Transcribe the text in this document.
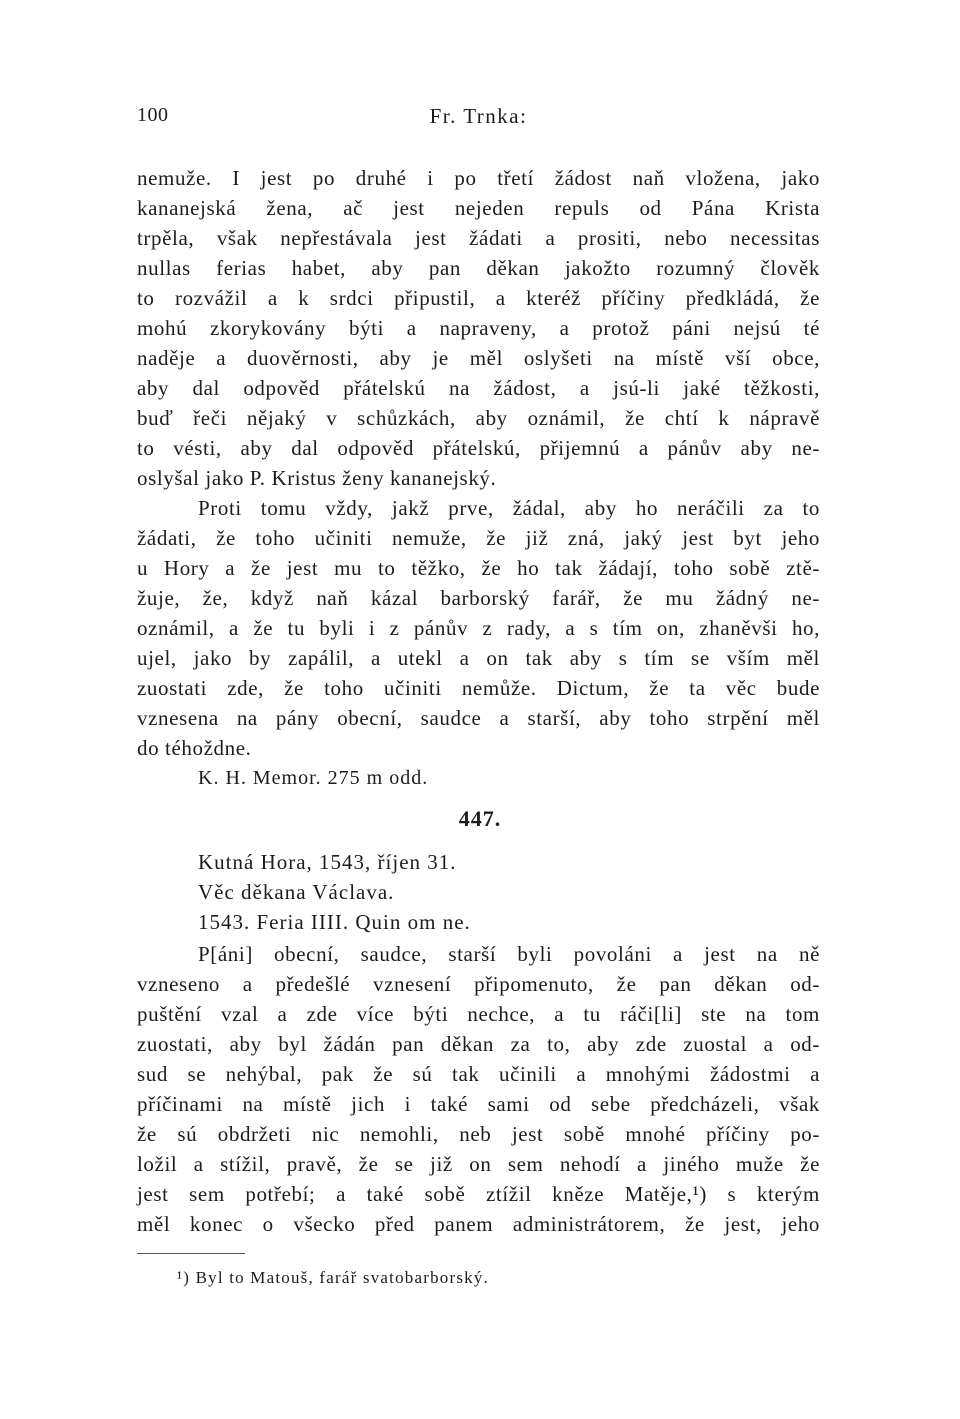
100	Fr. Trnka:
nemuže. I jest po druhé i po třetí žádost naň vložena, jako
kananejská žena, ač jest nejeden repuls od Pána Krista
trpěla, však nepřestávala jest žádati a prositi, nebo necessitas
nullas ferias habet, aby pan děkan jakožto rozumný člověk
to rozvážil a k srdci připustil, a kteréž příčiny předkládá, že
mohú zkorykovány býti a napraveny, a protož páni nejsú té
naděje a duověrnosti, aby je měl oslyšeti na místě vší obce,
aby dal odpověd přátelskú na žádost, a jsú-li jaké těžkosti,
buď řeči nějaký v schůzkách, aby oznámil, že chtí k nápravě
to vésti, aby dal odpověd přátelskú, přijemnú a pánův aby ne-
oslyšal jako P. Kristus ženy kananejský.
Proti tomu vždy, jakž prve, žádal, aby ho neráčili za to
žádati, že toho učiniti nemuže, že již zná, jaký jest byt jeho
u Hory a že jest mu to těžko, že ho tak žádají, toho sobě ztě-
žuje, že, když naň kázal barborský farář, že mu žádný ne-
oznámil, a že tu byli i z pánův z rady, a s tím on, zhaněvši ho,
ujel, jako by zapálil, a utekl a on tak aby s tím se vším měl
zuostati zde, že toho učiniti nemůže. Dictum, že ta věc bude
vznesena na pány obecní, saudce a starší, aby toho strpění měl
do téhoždne.
K. H. Memor. 275 m odd.
447.
Kutná Hora, 1543, říjen 31.
Věc děkana Václava.
1543. Feria IIII. Quin om ne.
P[áni] obecní, saudce, starší byli povoláni a jest na ně
vzneseno a předešlé vznesení připomenuto, že pan děkan od-
puštění vzal a zde více býti nechce, a tu ráči[li] ste na tom
zuostati, aby byl žádán pan děkan za to, aby zde zuostal a od-
sud se nehýbal, pak že sú tak učinili a mnohými žádostmi a
příčinami na místě jich i také sami od sebe předcházeli, však
že sú obdržeti nic nemohli, neb jest sobě mnohé příčiny po-
ložil a stížil, pravě, že se již on sem nehodí a jiného muže že
jest sem potřebí; a také sobě ztížil kněze Matěje,¹) s kterým
měl konec o všecko před panem administrátorem, že jest, jeho
¹) Byl to Matouš, farář svatobarborský.
